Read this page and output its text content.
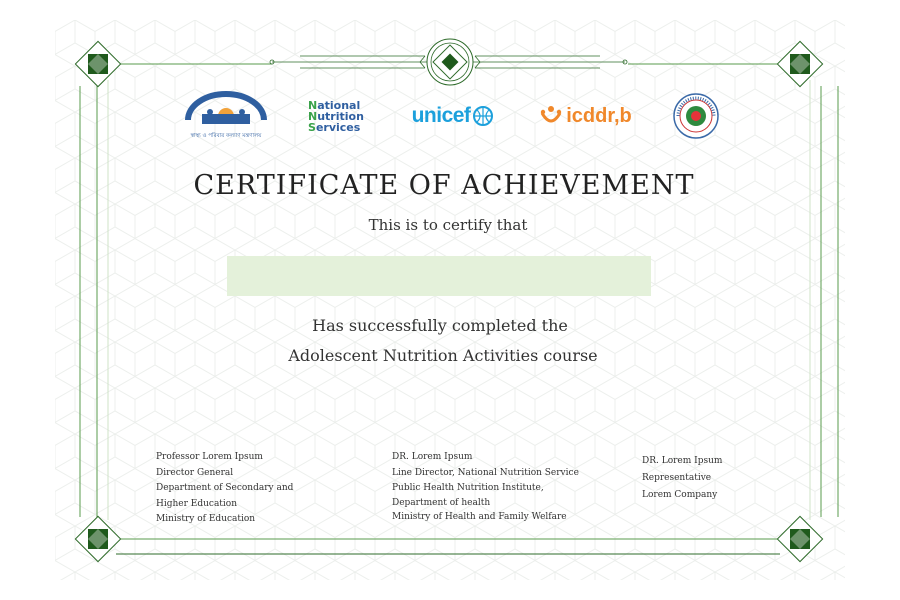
স্বাস্থ্য ও পরিবার কল্যাণ মন্ত্রণালয়
National
Nutrition
Services unicef	icddr,b
CERTIFICATE OF ACHIEVEMENT
This is to certify that
Has successfully completed the
Adolescent Nutrition Activities course
Professor Lorem Ipsum
Director General
Department of Secondary and
Higher Education
Ministry of Education
DR. Lorem Ipsum
Line Director, National Nutrition Service
Public Health Nutrition Institute,
Department of health
Ministry of Health and Family Welfare
DR. Lorem Ipsum
Representative
Lorem Company
